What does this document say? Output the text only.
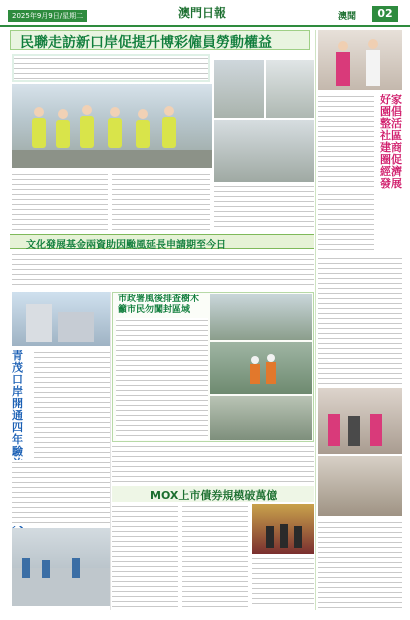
2025年9月9日/星期二	澳門日報	澳聞	02
民聯走訪新口岸促提升博彩僱員勞動權益
文化發展基金兩資助因颱風延長申請期至今日
市政署風後排查樹木
籲市民勿闖封區域
青茂口岸開通四年驗
MOX上市債券規模破萬億
好家園倡整活社區建商圈促經濟發展
